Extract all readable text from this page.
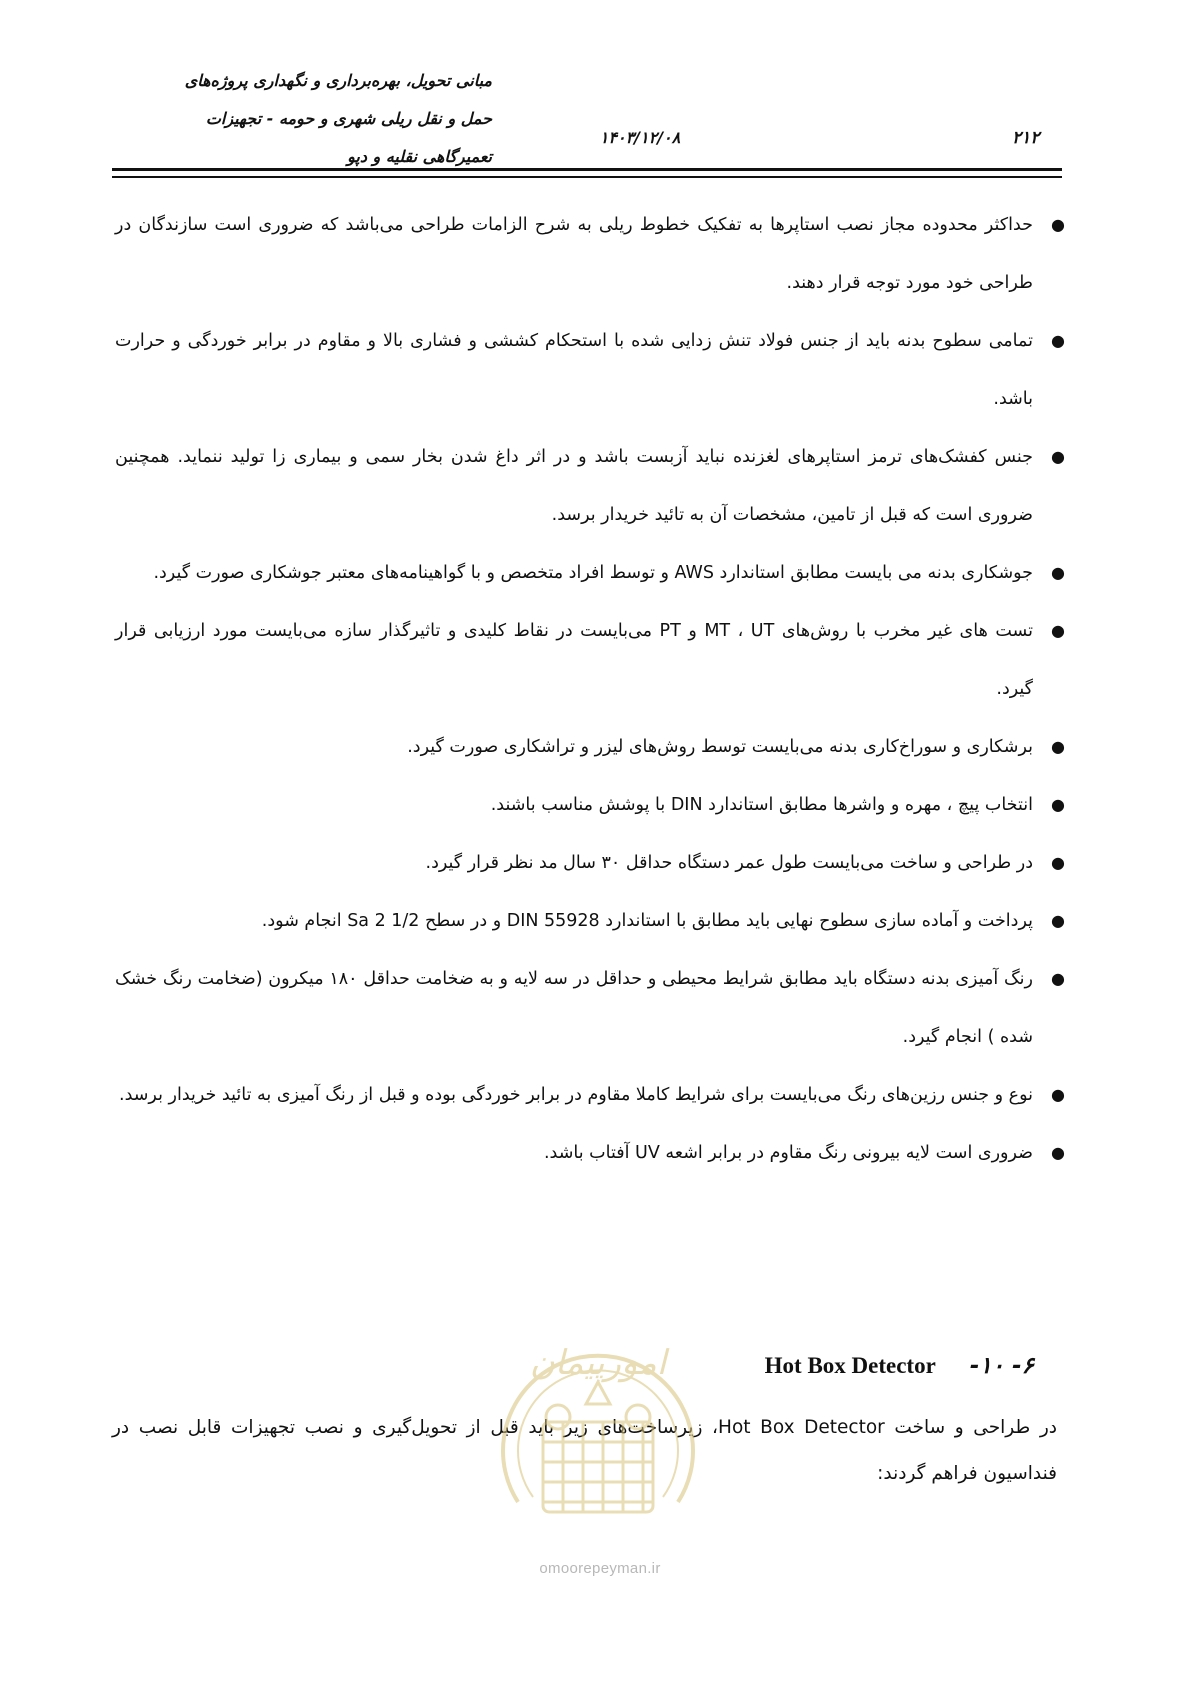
۲۱۲
۱۴۰۳/۱۲/۰۸
مبانی تحویل، بهره‌برداری و نگهداری پروژه‌های
حمل و نقل ریلی شهری و حومه - تجهیزات
تعمیرگاهی نقلیه و دپو
●
حداکثر محدوده مجاز نصب استاپرها به تفکیک خطوط ریلی به شرح الزامات طراحی می‌باشد که ضروری است سازندگان در طراحی خود مورد توجه قرار دهند.
●
تمامی سطوح بدنه باید از جنس فولاد تنش زدایی شده با استحکام کششی و فشاری بالا و مقاوم در برابر خوردگی و حرارت باشد.
●
جنس کفشک‌های ترمز استاپرهای لغزنده نباید آزبست باشد و در اثر داغ شدن بخار سمی و بیماری زا تولید ننماید. همچنین ضروری است که قبل از تامین، مشخصات آن به تائید خریدار برسد.
●
جوشکاری بدنه می بایست مطابق استاندارد AWS و توسط افراد متخصص و با گواهینامه‌های معتبر جوشکاری صورت گیرد.
●
تست های غیر مخرب با روش‌های MT ، UT و PT می‌بایست در نقاط کلیدی و تاثیرگذار سازه می‌بایست مورد ارزیابی قرار گیرد.
●
برشکاری و سوراخ‌کاری بدنه می‌بایست توسط روش‌های لیزر و تراشکاری صورت گیرد.
●
انتخاب پیچ ، مهره و واشرها مطابق استاندارد DIN با پوشش مناسب باشند.
●
در طراحی و ساخت می‌بایست طول عمر دستگاه حداقل ۳۰ سال مد نظر قرار گیرد.
●
پرداخت و آماده سازی سطوح نهایی باید مطابق با استاندارد DIN 55928 و در سطح Sa 2 1/2 انجام شود.
●
رنگ آمیزی بدنه دستگاه باید مطابق شرایط محیطی و حداقل در سه لایه و به ضخامت حداقل ۱۸۰ میکرون (ضخامت رنگ خشک شده ) انجام گیرد.
●
نوع و جنس رزین‌های رنگ می‌بایست برای شرایط کاملا مقاوم در برابر خوردگی بوده و قبل از رنگ آمیزی به تائید خریدار برسد.
●
ضروری است لایه بیرونی رنگ مقاوم در برابر اشعه UV آفتاب باشد.
۶- ۱۰- Hot Box Detector
در طراحی و ساخت Hot Box Detector، زیرساخت‌های زیر باید قبل از تحویل‌گیری و نصب تجهیزات قابل نصب در فنداسیون فراهم گردند:
امورپیمان
omoorepeyman.ir
